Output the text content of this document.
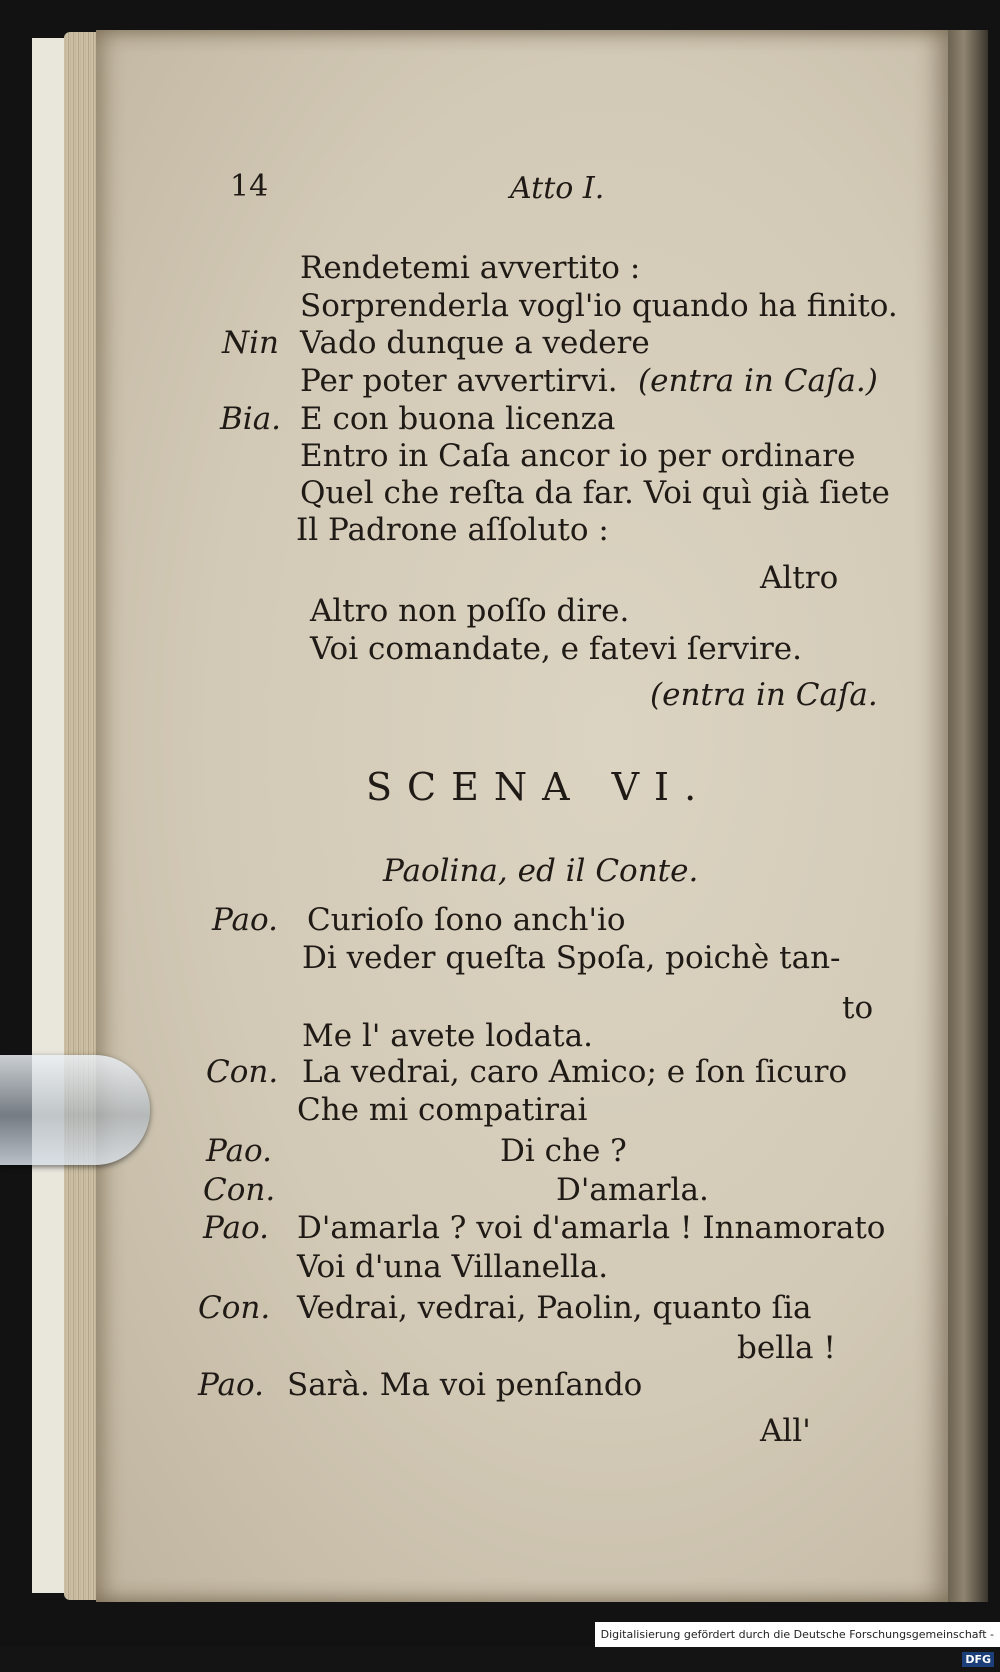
14	Atto I.
Rendetemi avvertito :
Sorprenderla vogl'io quando ha finito.
Nin Vado dunque a vedere
Per poter avvertirvi. (entra in Caſa.)
Bia. E con buona licenza
Entro in Caſa ancor io per ordinare
Quel che reſta da far. Voi quì già ſiete
Il Padrone aſſoluto :
Altro
Altro non poſſo dire.
Voi comandate, e fatevi ſervire.
(entra in Caſa.
SCENA VI.
Paolina, ed il Conte.
Pao. Curioſo ſono anch'io
Di veder queſta Spoſa, poichè tan-
to
Me l' avete lodata.
Con. La vedrai, caro Amico; e ſon ſicuro
Che mi compatirai
Pao.	Di che ?
Con.	D'amarla.
Pao. D'amarla ? voi d'amarla ! Innamorato
Voi d'una Villanella.
Con. Vedrai, vedrai, Paolin, quanto ſia
bella !
Pao. Sarà. Ma voi penſando
All'
Digitalisierung gefördert durch die Deutsche Forschungsgemeinschaft -DFG
